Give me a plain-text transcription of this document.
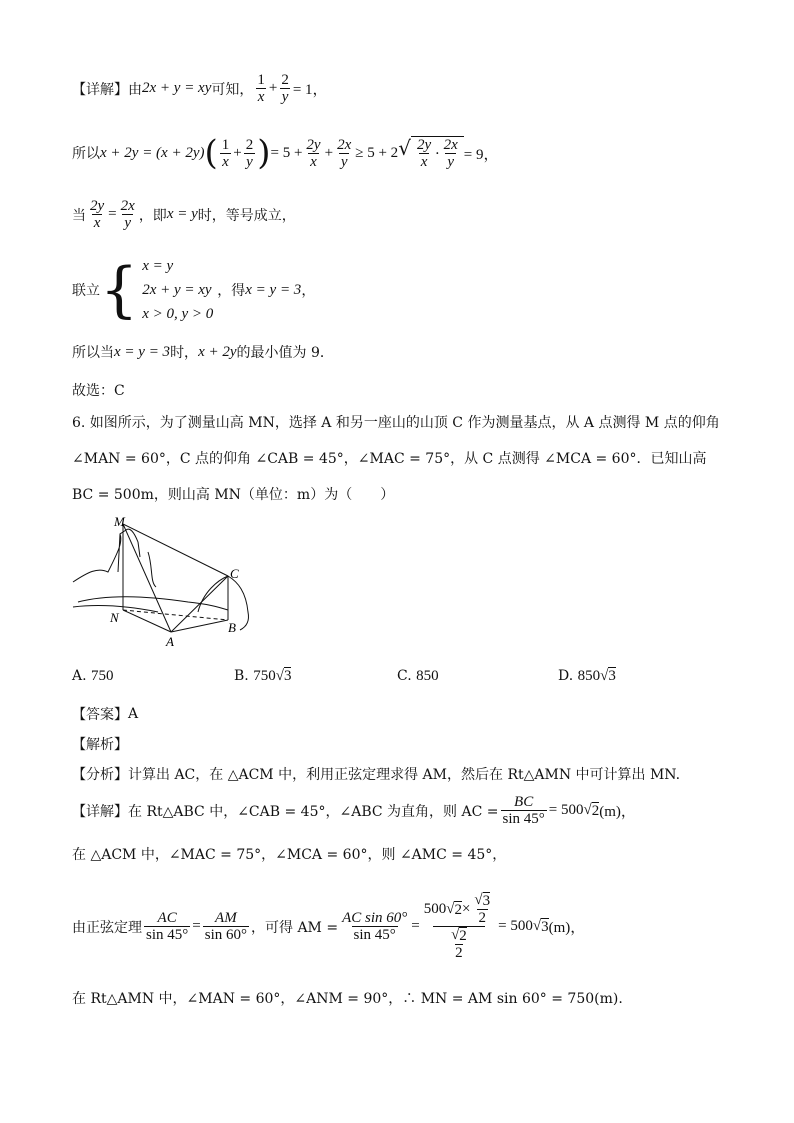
【详解】 由 2x + y = xy 可知， $\frac{1}{x} + \frac{2}{y} = 1$，
所以 x + 2y = (x + 2y) ( $\frac{1}{x} + \frac{2}{y}$ ) = $5 + \frac{2y}{x} + \frac{2x}{y} \ge 5 + 2$ √ $\frac{2y}{x} \cdot \frac{2x}{y} = 9$，
当 $\frac{2y}{x} = \frac{2x}{y}$ ，即 x = y 时，等号成立，
联立 { x = y
2x + y = xy
x > 0, y > 0
，得 x = y = 3 ，
所以当 x = y = 3 时， x + 2y 的最小值为 9．
故选：C
6. 如图所示，为了测量山高 MN，选择 A 和另一座山的山顶 C 作为测量基点，从 A 点测得 M 点的仰角
∠MAN = 60°，C 点的仰角 ∠CAB = 45°，∠MAC = 75°，从 C 点测得 ∠MCA = 60°．已知山高
BC = 500m，则山高 MN（单位：m）为（　　）
M
C
N
A
B
A. 750	B. 750√3	C. 850	D. 850√3
【答案】 A
【解析】
【分析】 计算出 AC，在 △ACM 中，利用正弦定理求得 AM，然后在 Rt△AMN 中可计算出 MN.
【详解】 在 Rt△ABC 中，∠CAB = 45°，∠ABC 为直角，则 AC = $\frac{BC}{\sin 45^\circ} = 500$ √ 2 (m)，
在 △ACM 中，∠MAC = 75°，∠MCA = 60°，则 ∠AMC = 45°，
由正弦定理 $\frac{AC}{\sin 45^\circ} = \frac{AM}{\sin 60^\circ}$ ，可得 AM = $\frac{\text{AC sin 60°}}{\sin 45^\circ} = 500$ √ $2 \times \frac{√ 3}{2}$
√ 2
2 = 500 √ 3 (m)，
在 Rt△AMN 中，∠MAN = 60°，∠ANM = 90°，∴ MN = AM sin 60° = 750(m).
